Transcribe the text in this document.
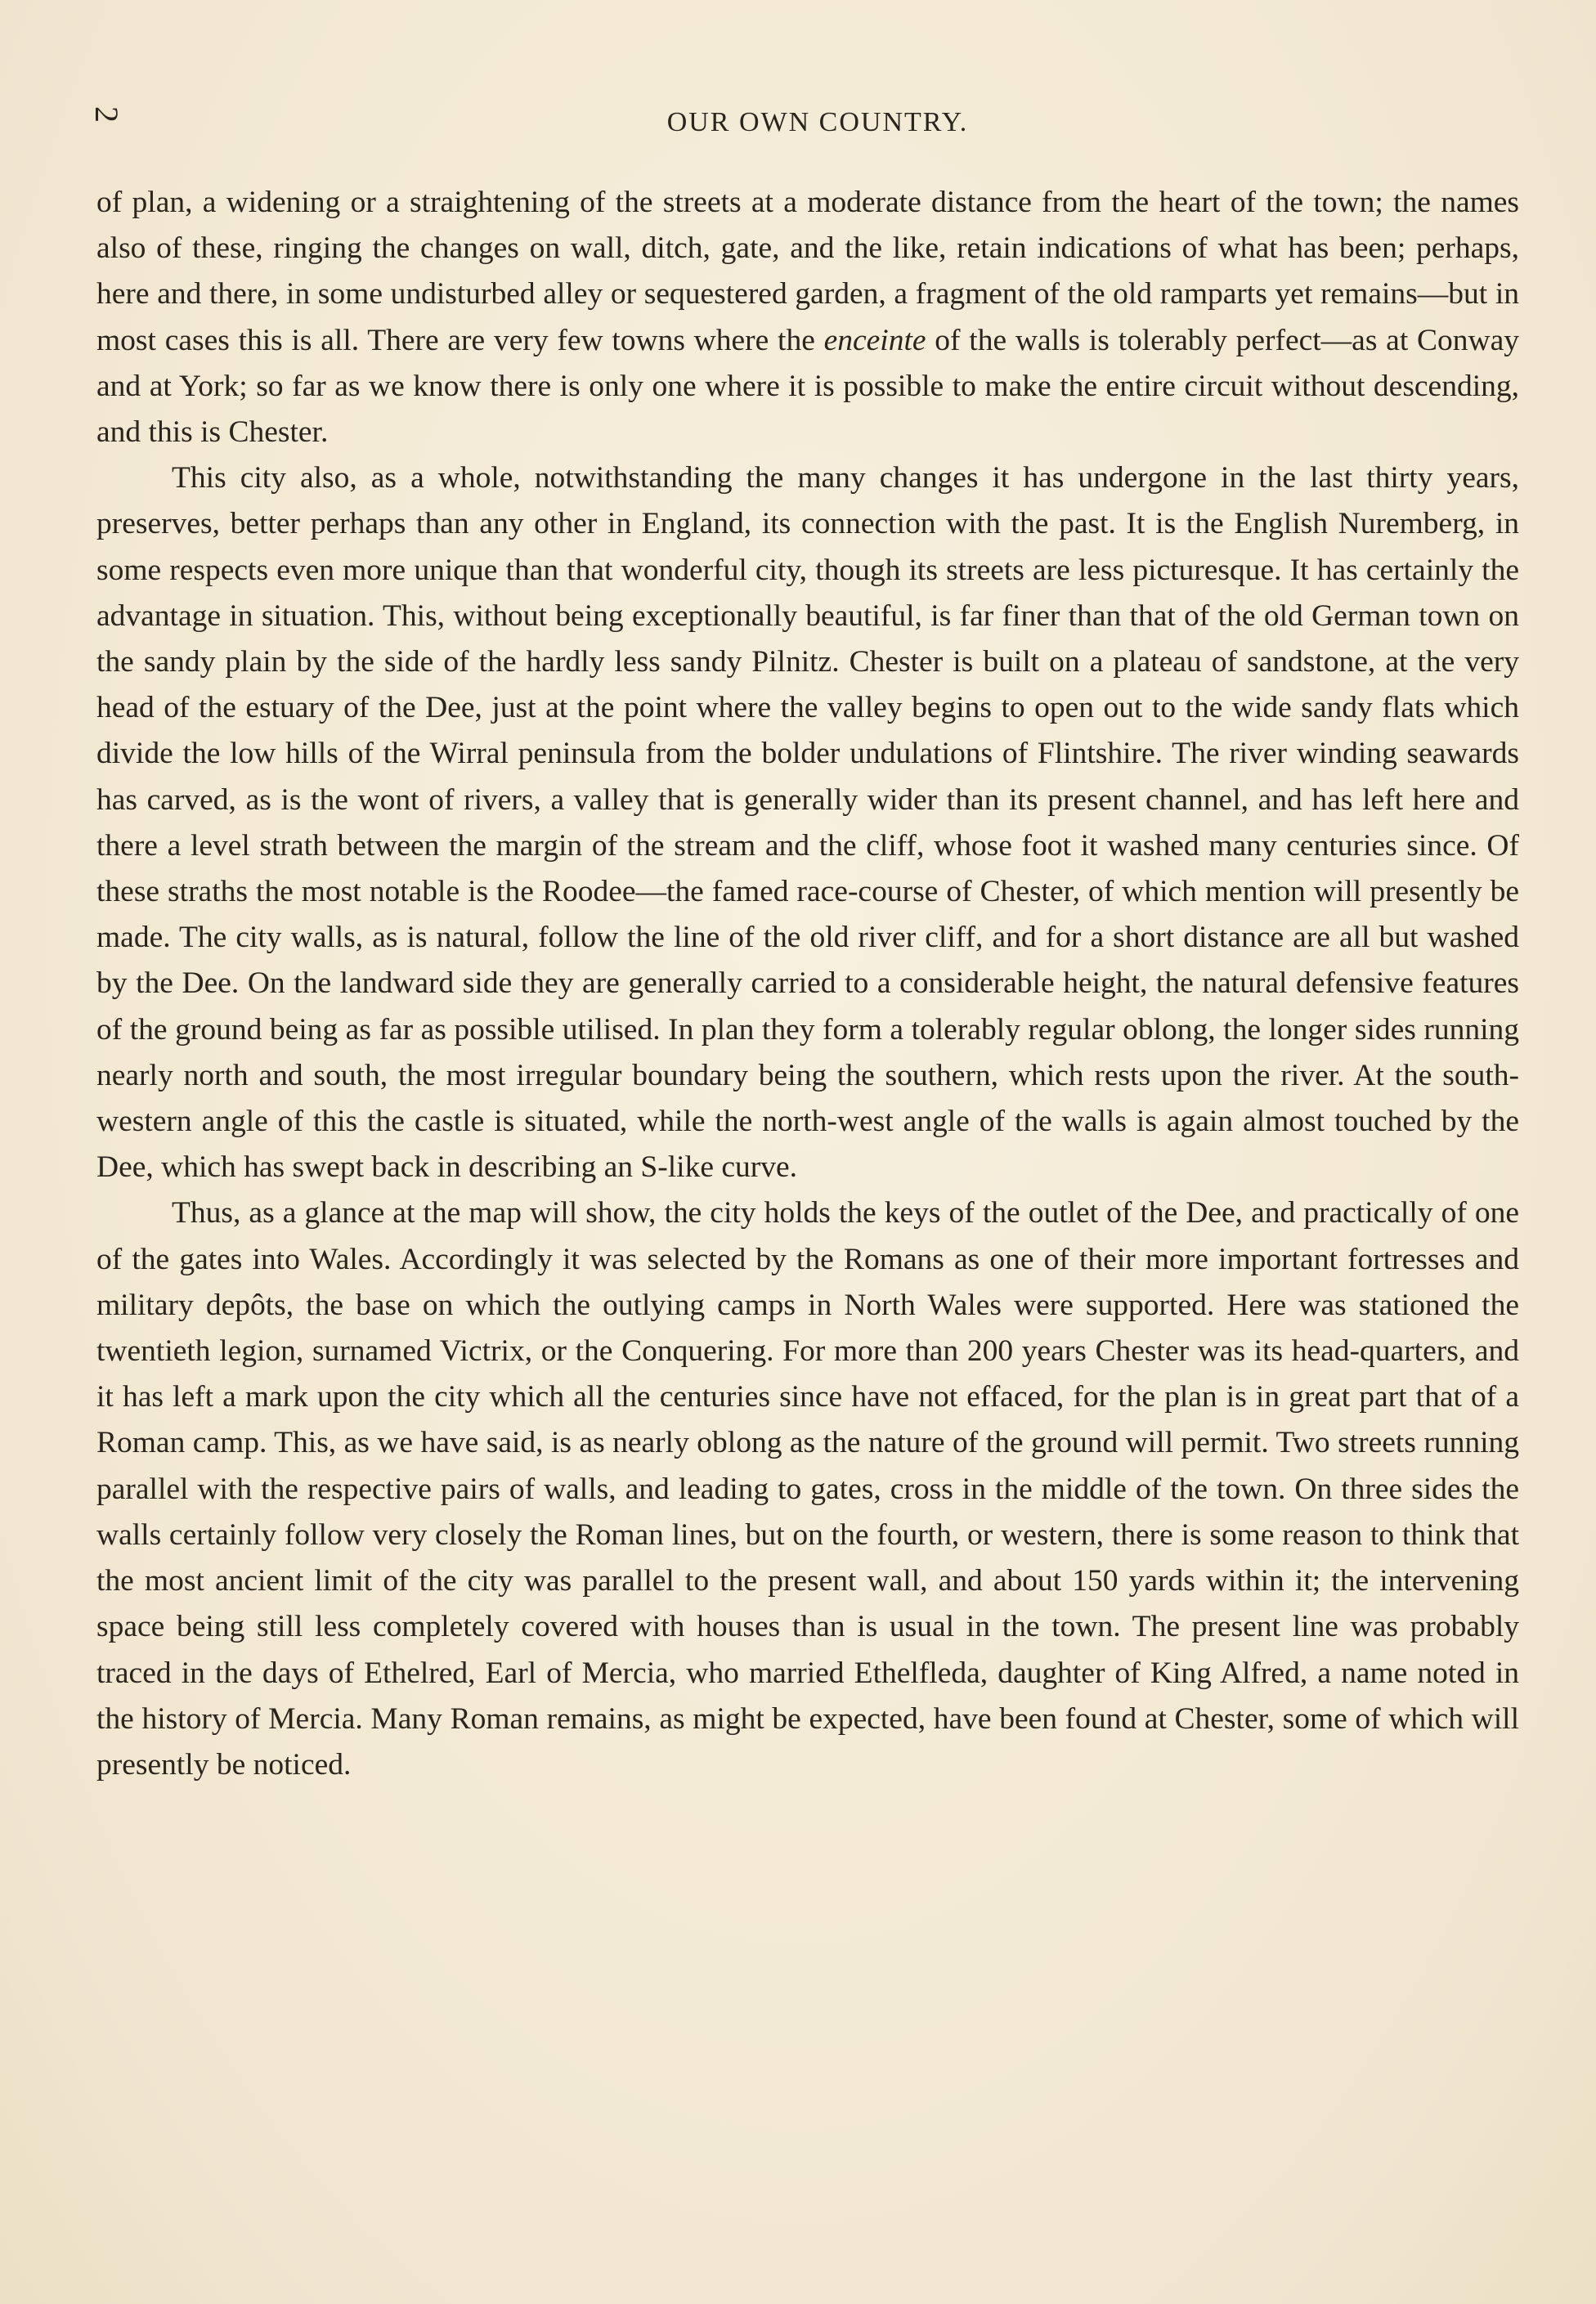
2	OUR OWN COUNTRY.

of plan, a widening or a straightening of the streets at a moderate distance from the heart of the town; the names also of these, ringing the changes on wall, ditch, gate, and the like, retain indications of what has been; perhaps, here and there, in some undisturbed alley or sequestered garden, a fragment of the old ramparts yet remains—but in most cases this is all. There are very few towns where the enceinte of the walls is tolerably perfect—as at Conway and at York; so far as we know there is only one where it is possible to make the entire circuit without descending, and this is Chester.

This city also, as a whole, notwithstanding the many changes it has undergone in the last thirty years, preserves, better perhaps than any other in England, its connection with the past. It is the English Nuremberg, in some respects even more unique than that wonderful city, though its streets are less picturesque. It has certainly the advantage in situation. This, without being exceptionally beautiful, is far finer than that of the old German town on the sandy plain by the side of the hardly less sandy Pilnitz. Chester is built on a plateau of sandstone, at the very head of the estuary of the Dee, just at the point where the valley begins to open out to the wide sandy flats which divide the low hills of the Wirral peninsula from the bolder undulations of Flintshire. The river winding seawards has carved, as is the wont of rivers, a valley that is generally wider than its present channel, and has left here and there a level strath between the margin of the stream and the cliff, whose foot it washed many centuries since. Of these straths the most notable is the Roodee—the famed race-course of Chester, of which mention will presently be made. The city walls, as is natural, follow the line of the old river cliff, and for a short distance are all but washed by the Dee. On the landward side they are generally carried to a considerable height, the natural defensive features of the ground being as far as possible utilised. In plan they form a tolerably regular oblong, the longer sides running nearly north and south, the most irregular boundary being the southern, which rests upon the river. At the south-western angle of this the castle is situated, while the north-west angle of the walls is again almost touched by the Dee, which has swept back in describing an S-like curve.

Thus, as a glance at the map will show, the city holds the keys of the outlet of the Dee, and practically of one of the gates into Wales. Accordingly it was selected by the Romans as one of their more important fortresses and military depôts, the base on which the outlying camps in North Wales were supported. Here was stationed the twentieth legion, surnamed Victrix, or the Conquering. For more than 200 years Chester was its head-quarters, and it has left a mark upon the city which all the centuries since have not effaced, for the plan is in great part that of a Roman camp. This, as we have said, is as nearly oblong as the nature of the ground will permit. Two streets running parallel with the respective pairs of walls, and leading to gates, cross in the middle of the town. On three sides the walls certainly follow very closely the Roman lines, but on the fourth, or western, there is some reason to think that the most ancient limit of the city was parallel to the present wall, and about 150 yards within it; the intervening space being still less completely covered with houses than is usual in the town. The present line was probably traced in the days of Ethelred, Earl of Mercia, who married Ethelfleda, daughter of King Alfred, a name noted in the history of Mercia. Many Roman remains, as might be expected, have been found at Chester, some of which will presently be noticed.
